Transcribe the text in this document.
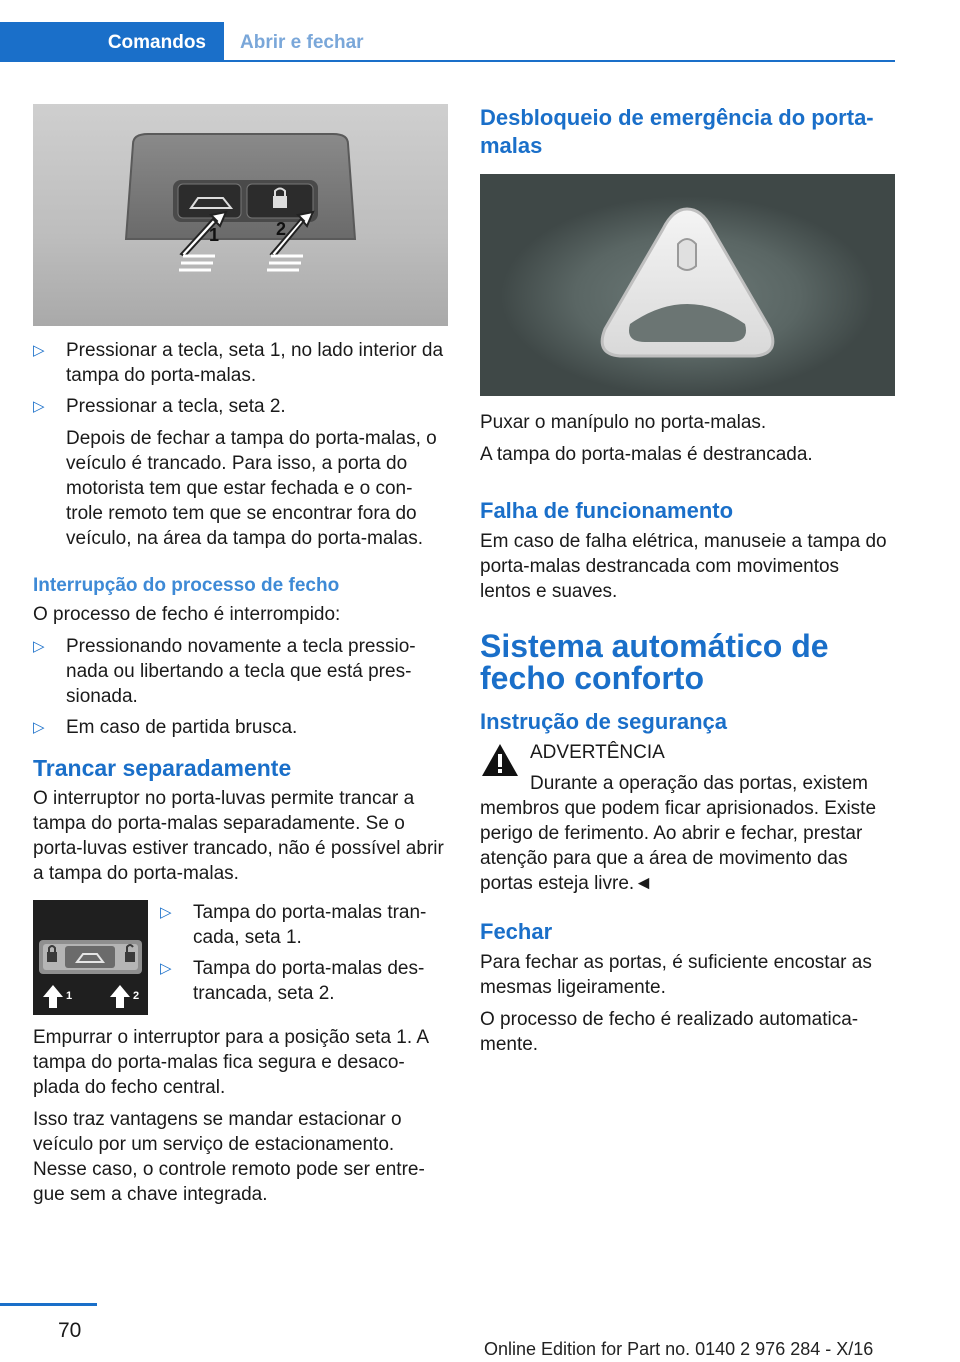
Comandos	Abrir e fechar
1	2
▷ Pressionar a tecla, seta 1, no lado interior da tampa do porta-malas.
▷ Pressionar a tecla, seta 2.

Depois de fechar a tampa do porta-malas, o veículo é trancado. Para isso, a porta do motorista tem que estar fechada e o con-trole remoto tem que se encontrar fora do veículo, na área da tampa do porta-malas.

Interrupção do processo de fecho

O processo de fecho é interrompido:

▷ Pressionando novamente a tecla pressio-nada ou libertando a tecla que está pres-sionada.
▷ Em caso de partida brusca.
Trancar separadamente

O interruptor no porta-luvas permite trancar a tampa do porta-malas separadamente. Se o porta-luvas estiver trancado, não é possível abrir a tampa do porta-malas.

1	2
▷ Tampa do porta-malas tran-cada, seta 1.
▷ Tampa do porta-malas des-trancada, seta 2.

Empurrar o interruptor para a posição seta 1. A tampa do porta-malas fica segura e desaco-plada do fecho central.

Isso traz vantagens se mandar estacionar o veículo por um serviço de estacionamento. Nesse caso, o controle remoto pode ser entre-gue sem a chave integrada.

Desbloqueio de emergência do porta-malas

Puxar o manípulo no porta-malas.

A tampa do porta-malas é destrancada.

Falha de funcionamento

Em caso de falha elétrica, manuseie a tampa do porta-malas destrancada com movimentos lentos e suaves.

Sistema automático de fecho conforto
Instrução de segurança

ADVERTÊNCIA

Durante a operação das portas, existem membros que podem ficar aprisionados. Existe perigo de ferimento. Ao abrir e fechar, prestar atenção para que a área de movimento das portas esteja livre.◄

Fechar

Para fechar as portas, é suficiente encostar as mesmas ligeiramente.

O processo de fecho é realizado automatica-mente.

70
Online Edition for Part no. 0140 2 976 284 - X/16
